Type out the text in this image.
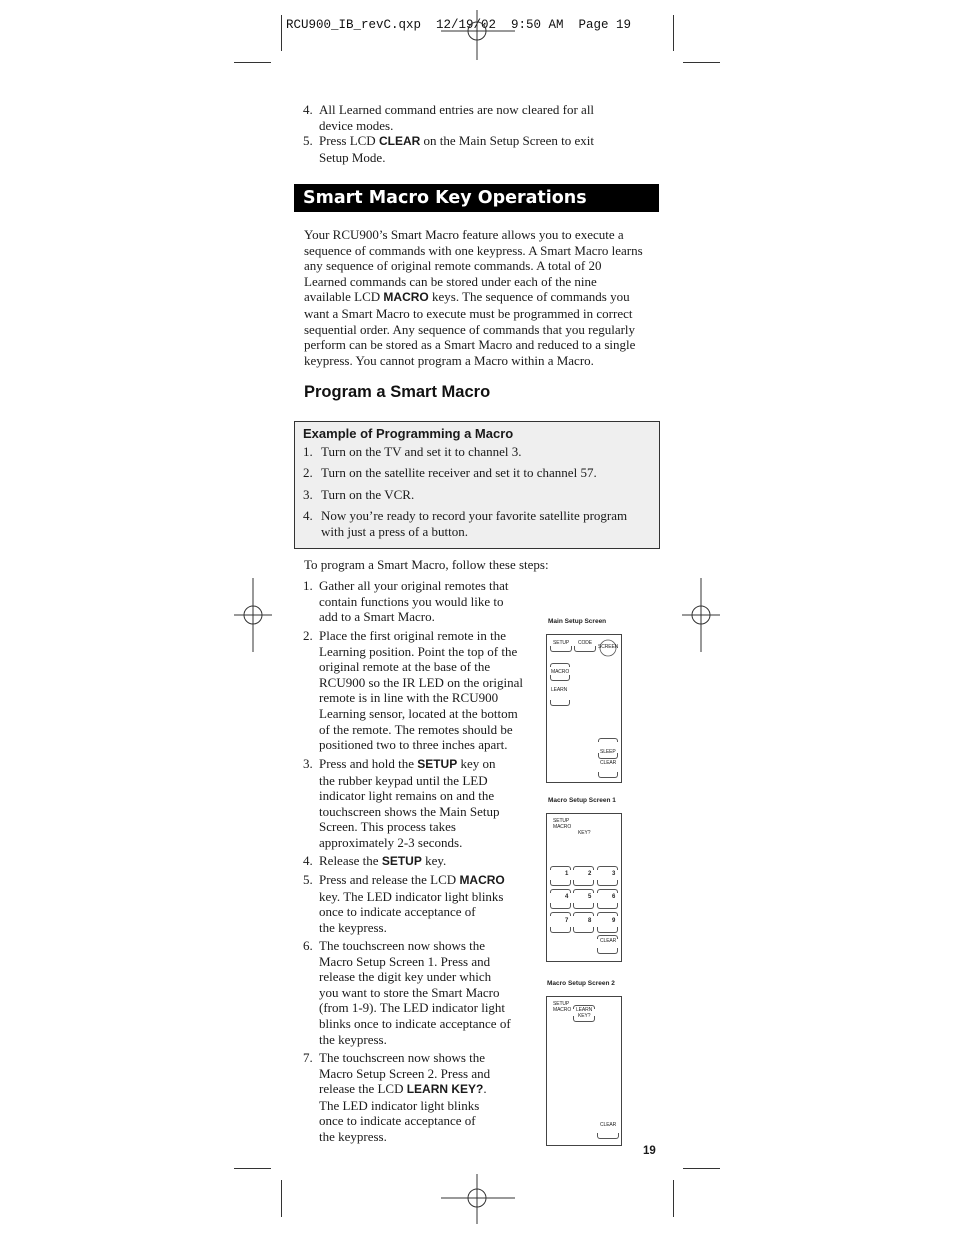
RCU900_IB_revC.qxp  12/19/02  9:50 AM  Page 19
4. All Learned command entries are now cleared for all
device modes.
5. Press LCD CLEAR on the Main Setup Screen to exit
Setup Mode.
Smart Macro Key Operations
Your RCU900’s Smart Macro feature allows you to execute a
sequence of commands with one keypress. A Smart Macro learns
any sequence of original remote commands. A total of 20
Learned commands can be stored under each of the nine
available LCD MACRO keys. The sequence of commands you
want a Smart Macro to execute must be programmed in correct
sequential order. Any sequence of commands that you regularly
perform can be stored as a Smart Macro and reduced to a single
keypress. You cannot program a Macro within a Macro.
Program a Smart Macro
Example of Programming a Macro
1. Turn on the TV and set it to channel 3.
2. Turn on the satellite receiver and set it to channel 57.
3. Turn on the VCR.
4. Now you’re ready to record your favorite satellite program
with just a press of a button.
To program a Smart Macro, follow these steps:
1. Gather all your original remotes that
contain functions you would like to
add to a Smart Macro.
2. Place the first original remote in the
Learning position. Point the top of the
original remote at the base of the
RCU900 so the IR LED on the original
remote is in line with the RCU900
Learning sensor, located at the bottom
of the remote. The remotes should be
positioned two to three inches apart.
3. Press and hold the SETUP key on
the rubber keypad until the LED
indicator light remains on and the
touchscreen shows the Main Setup
Screen. This process takes
approximately 2-3 seconds.
4. Release the SETUP key.
5. Press and release the LCD MACRO
key. The LED indicator light blinks
once to indicate acceptance of
the keypress.
6. The touchscreen now shows the
Macro Setup Screen 1. Press and
release the digit key under which
you want to store the Smart Macro
(from 1-9). The LED indicator light
blinks once to indicate acceptance of
the keypress.
7. The touchscreen now shows the
Macro Setup Screen 2. Press and
release the LCD LEARN KEY?.
The LED indicator light blinks
once to indicate acceptance of
the keypress.
Main Setup Screen
SETUP CODE
SCREEN
MACRO
LEARN
SLEEP
CLEAR
Macro Setup Screen 1
SETUP
MACRO
KEY?
1	2	3
4	5	6
7	8	9
CLEAR
Macro Setup Screen 2
SETUP
MACRO LEARN
KEY?
CLEAR
19
